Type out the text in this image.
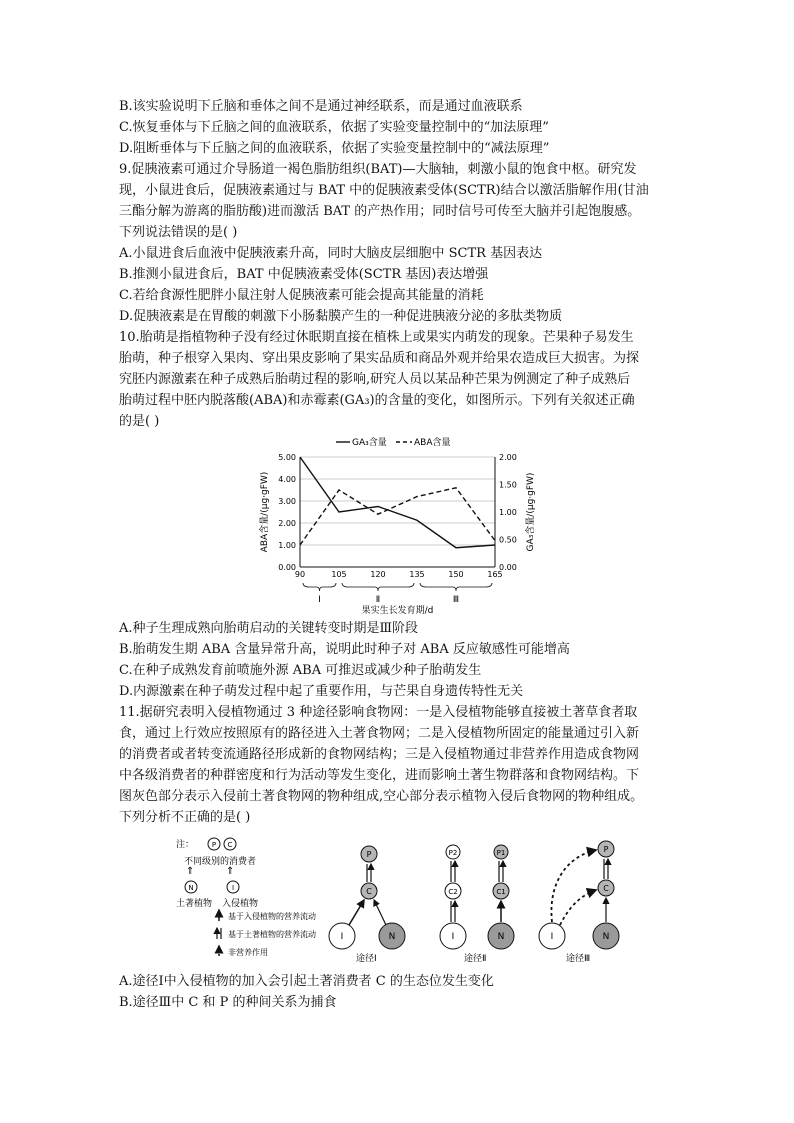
B.该实验说明下丘脑和垂体之间不是通过神经联系，而是通过血液联系
C.恢复垂体与下丘脑之间的血液联系，依据了实验变量控制中的“加法原理”
D.阻断垂体与下丘脑之间的血液联系，依据了实验变量控制中的“减法原理”
9.促胰液素可通过介导肠道一褐色脂肪组织(BAT)—大脑轴，刺激小鼠的饱食中枢。研究发
现，小鼠进食后，促胰液素通过与 BAT 中的促胰液素受体(SCTR)结合以激活脂解作用(甘油
三酯分解为游离的脂肪酸)进而激活 BAT 的产热作用；同时信号可传至大脑并引起饱腹感。
下列说法错误的是( )
A.小鼠进食后血液中促胰液素升高，同时大脑皮层细胞中 SCTR 基因表达
B.推测小鼠进食后，BAT 中促胰液素受体(SCTR 基因)表达增强
C.若给食源性肥胖小鼠注射人促胰液素可能会提高其能量的消耗
D.促胰液素是在胃酸的刺激下小肠黏膜产生的一种促进胰液分泌的多肽类物质
10.胎萌是指植物种子没有经过休眠期直接在植株上或果实内萌发的现象。芒果种子易发生
胎萌，种子根穿入果肉、穿出果皮影响了果实品质和商品外观并给果农造成巨大损害。为探
究胚内源激素在种子成熟后胎萌过程的影响,研究人员以某品种芒果为例测定了种子成熟后
胎萌过程中胚内脱落酸(ABA)和赤霉素(GA₃)的含量的变化，如图所示。下列有关叙述正确
的是( )
GA₃含量	ABA含量
5.00
4.00
3.00
2.00
1.00
0.00
2.00
1.50
1.00
0.50
0.00
90	105	120	135	150	165
Ⅰ	Ⅱ	Ⅲ
果实生长发育期/d
ABA含量/(μg·gFW)	GA₃含量/(μg·gFW)
A.种子生理成熟向胎萌启动的关键转变时期是Ⅲ阶段
B.胎萌发生期 ABA 含量异常升高，说明此时种子对 ABA 反应敏感性可能增高
C.在种子成熟发育前喷施外源 ABA 可推迟或减少种子胎萌发生
D.内源激素在种子萌发过程中起了重要作用，与芒果自身遗传特性无关
11.据研究表明入侵植物通过 3 种途径影响食物网：一是入侵植物能够直接被土著草食者取
食，通过上行效应按照原有的路径进入土著食物网；二是入侵植物所固定的能量通过引入新
的消费者或者转变流通路径形成新的食物网结构；三是入侵植物通过非营养作用造成食物网
中各级消费者的种群密度和行为活动等发生变化，进而影响土著生物群落和食物网结构。下
图灰色部分表示入侵前土著食物网的物种组成,空心部分表示植物入侵后食物网的物种组成。
下列分析不正确的是( )
注：	P C
不同级别的消费者
⇑	⇑
N	I
土著植物 入侵植物
基于入侵植物的营养流动
基于土著植物的营养流动
非营养作用
P
C
I	N
途径Ⅰ
P2	P1
C2	C1
I	N
途径Ⅱ
P
C
I	N
途径Ⅲ
A.途径Ⅰ中入侵植物的加入会引起土著消费者 C 的生态位发生变化
B.途径Ⅲ中 C 和 P 的种间关系为捕食
